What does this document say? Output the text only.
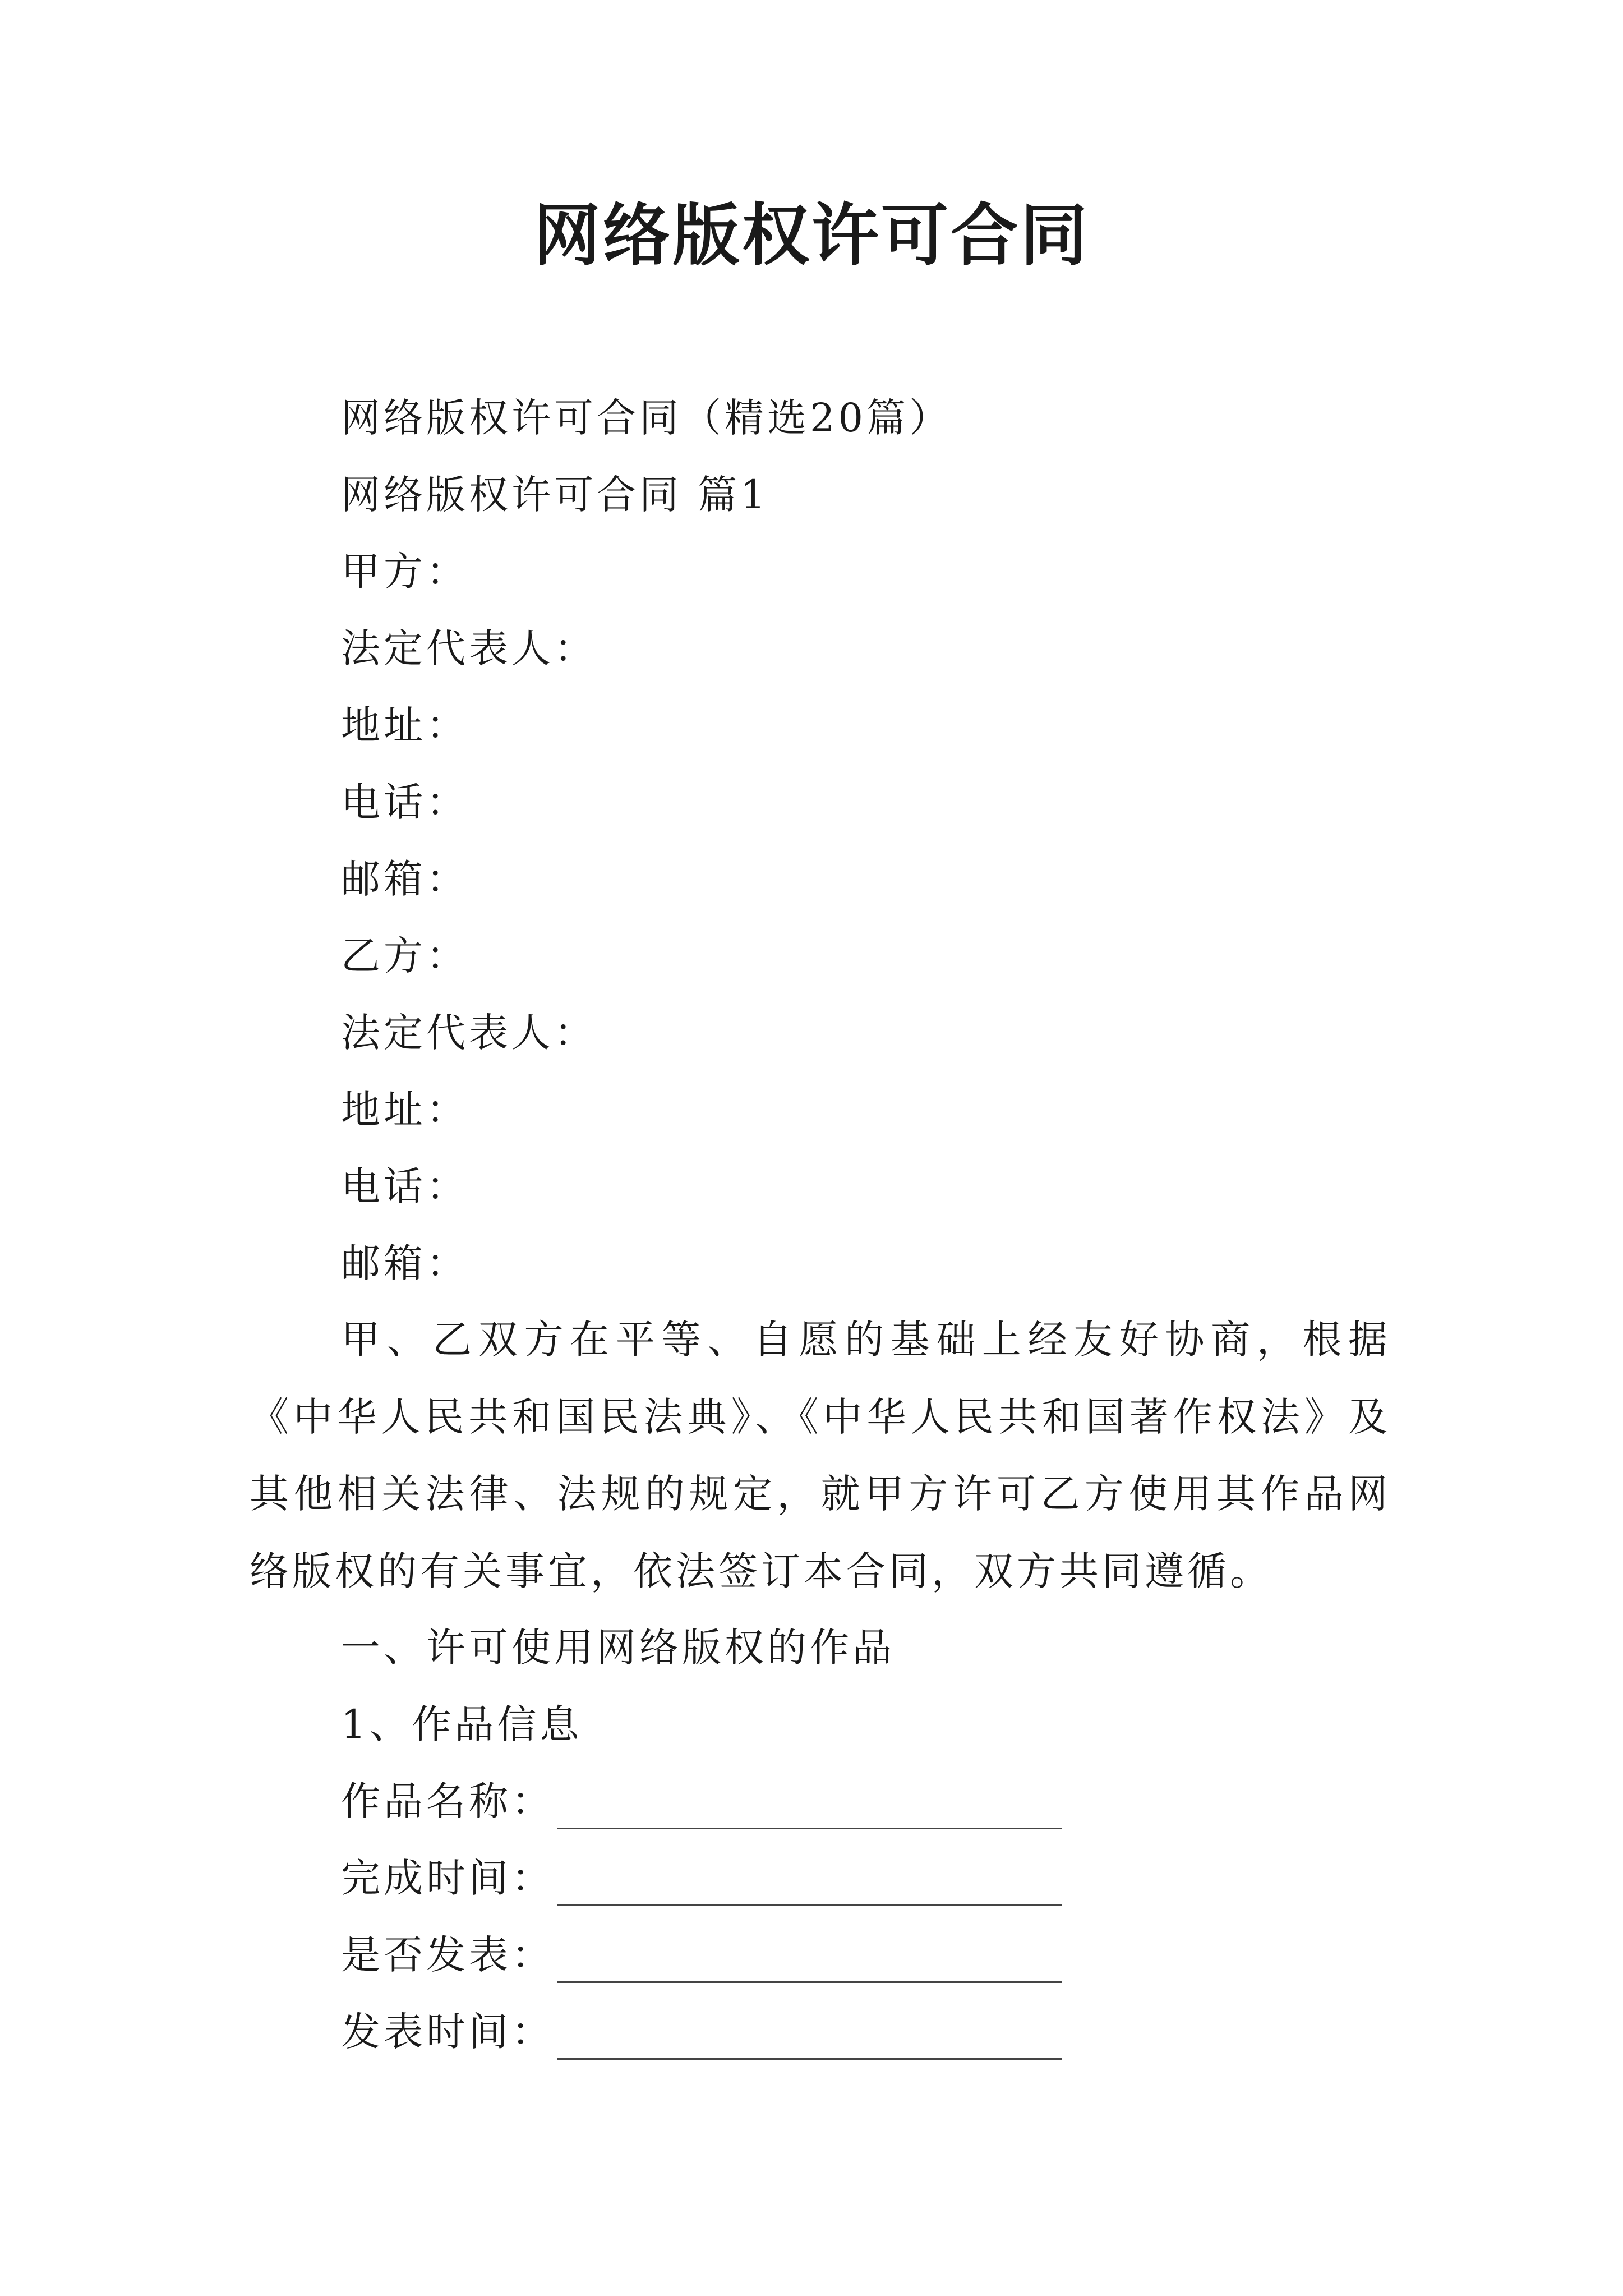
网络版权许可合同
网络版权许可合同（精选20篇）
网络版权许可合同 篇1
甲方：
法定代表人：
地址：
电话：
邮箱：
乙方：
法定代表人：
地址：
电话：
邮箱：
甲、乙双方在平等、自愿的基础上经友好协商，根据《中华人民共和国民法典》、《中华人民共和国著作权法》及其他相关法律、法规的规定，就甲方许可乙方使用其作品网络版权的有关事宜，依法签订本合同，双方共同遵循。
一、许可使用网络版权的作品
1、作品信息
作品名称：
完成时间：
是否发表：
发表时间：
